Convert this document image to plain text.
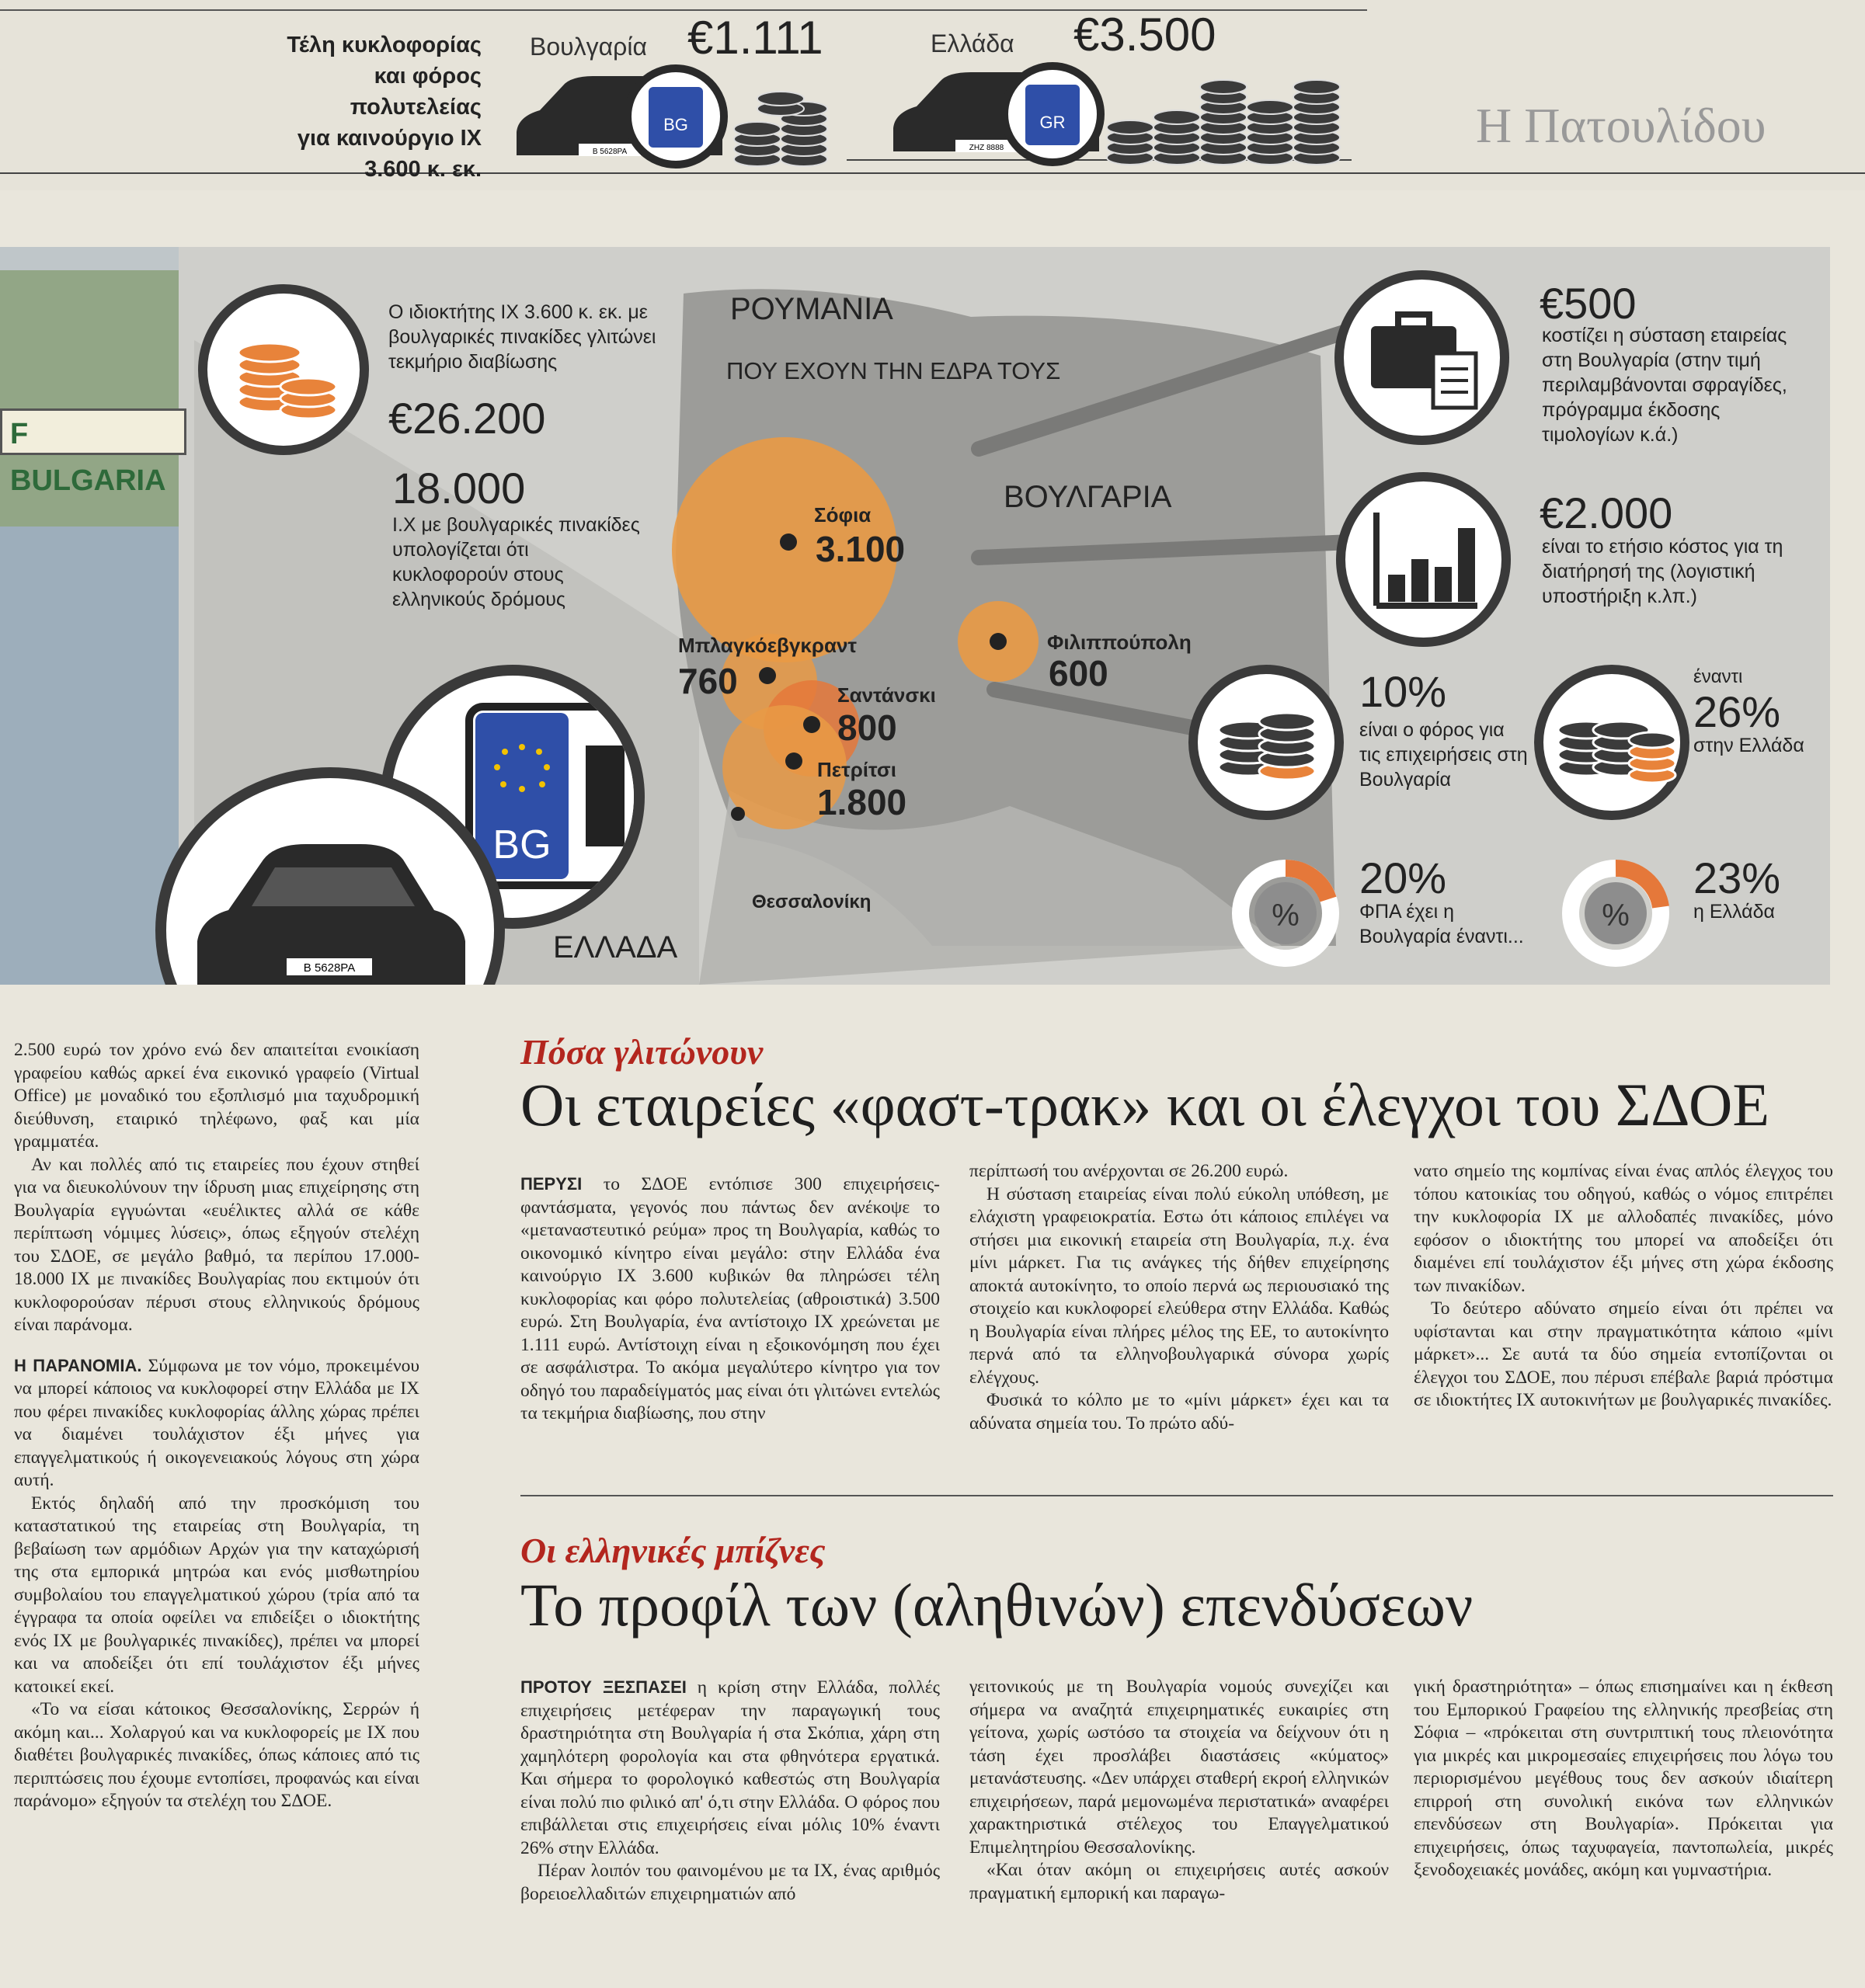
Τέλη κυκλοφορίας
και φόρος
πολυτελείας
για καινούργιο ΙΧ
3.600 κ. εκ.
Βουλγαρία €1.111
B 5628PA
BG
Ελλάδα €3.500
ΖΗΖ 8888
GR	Η Πατουλίδου
F BULGARIA
Ο ιδιοκτήτης ΙΧ 3.600 κ. εκ. με βουλγαρικές πινακίδες γλιτώνει τεκμήριο διαβίωσης
€26.200
18.000
Ι.Χ με βουλγαρικές πινακίδες υπολογίζεται ότι κυκλοφορούν στους ελληνικούς δρόμους
ΡΟΥΜΑΝΙΑ
ΠΟΥ ΕΧΟΥΝ ΤΗΝ ΕΔΡΑ ΤΟΥΣ
ΒΟΥΛΓΑΡΙΑ
ΕΛΛΑΔΑ
Σόφια
3.100
Μπλαγκόεβγκραντ
760	Σαντάνσκι
800
Πετρίτσι
1.800
Φιλιππούπολη
600
Θεσσαλονίκη
BG
B 5628PA
€500
κοστίζει η σύσταση εταιρείας στη Βουλγαρία (στην τιμή περιλαμβάνονται σφραγίδες, πρόγραμμα έκδοσης τιμολογίων κ.ά.)
€2.000
είναι το ετήσιο κόστος για τη διατήρησή της (λογιστική υποστήριξη κ.λπ.)
10%
είναι ο φόρος για τις επιχειρήσεις στη Βουλγαρία
έναντι
26%
στην Ελλάδα
%
20%
ΦΠΑ έχει η Βουλγαρία έναντι...
%
23%
η Ελλάδα
Πόσα γλιτώνουν
Οι εταιρείες «φαστ-τρακ» και οι έλεγχοι του ΣΔΟΕ

2.500 ευρώ τον χρόνο ενώ δεν απαιτείται ενοικίαση γραφείου καθώς αρκεί ένα εικονικό γραφείο (Virtual Office) με μοναδικό του εξοπλισμό μια ταχυδρομική διεύθυνση, εταιρικό τηλέφωνο, φαξ και μία γραμματέα.

Αν και πολλές από τις εταιρείες που έχουν στηθεί για να διευκολύνουν την ίδρυση μιας επιχείρησης στη Βουλγαρία εγγυώνται «ευέλικτες αλλά σε κάθε περίπτωση νόμιμες λύσεις», όπως εξηγούν στελέχη του ΣΔΟΕ, σε μεγάλο βαθμό, τα περίπου 17.000-18.000 ΙΧ με πινακίδες Βουλγαρίας που εκτιμούν ότι κυκλοφορούσαν πέρυσι στους ελληνικούς δρόμους είναι παράνομα.

Η ΠΑΡΑΝΟΜΙΑ. Σύμφωνα με τον νόμο, προκειμένου να μπορεί κάποιος να κυκλοφορεί στην Ελλάδα με ΙΧ που φέρει πινακίδες κυκλοφορίας άλλης χώρας πρέπει να διαμένει τουλάχιστον έξι μήνες για επαγγελματικούς ή οικογενειακούς λόγους στη χώρα αυτή.

Εκτός δηλαδή από την προσκόμιση του καταστατικού της εταιρείας στη Βουλγαρία, τη βεβαίωση των αρμόδιων Αρχών για την καταχώρισή της στα εμπορικά μητρώα και ενός μισθωτηρίου συμβολαίου του επαγγελματικού χώρου (τρία από τα έγγραφα τα οποία οφείλει να επιδείξει ο ιδιοκτήτης ενός ΙΧ με βουλγαρικές πινακίδες), πρέπει να μπορεί και να αποδείξει ότι επί τουλάχιστον έξι μήνες κατοικεί εκεί.

«Το να είσαι κάτοικος Θεσσαλονίκης, Σερρών ή ακόμη και... Χολαργού και να κυκλοφορείς με ΙΧ που διαθέτει βουλγαρικές πινακίδες, όπως κάποιες από τις περιπτώσεις που έχουμε εντοπίσει, προφανώς και είναι παράνομο» εξηγούν τα στελέχη του ΣΔΟΕ.

ΠΕΡΥΣΙ το ΣΔΟΕ εντόπισε 300 επιχειρήσεις-φαντάσματα, γεγονός που πάντως δεν ανέκοψε το «μεταναστευτικό ρεύμα» προς τη Βουλγαρία, καθώς το οικονομικό κίνητρο είναι μεγάλο: στην Ελλάδα ένα καινούργιο ΙΧ 3.600 κυβικών θα πληρώσει τέλη κυκλοφορίας και φόρο πολυτελείας (αθροιστικά) 3.500 ευρώ. Στη Βουλγαρία, ένα αντίστοιχο ΙΧ χρεώνεται με 1.111 ευρώ. Αντίστοιχη είναι η εξοικονόμηση που έχει σε ασφάλιστρα. Το ακόμα μεγαλύτερο κίνητρο για τον οδηγό του παραδείγματός μας είναι ότι γλιτώνει εντελώς τα τεκμήρια διαβίωσης, που στην

περίπτωσή του ανέρχονται σε 26.200 ευρώ.

Η σύσταση εταιρείας είναι πολύ εύκολη υπόθεση, με ελάχιστη γραφειοκρατία. Εστω ότι κάποιος επιλέγει να στήσει μια εικονική εταιρεία στη Βουλγαρία, π.χ. ένα μίνι μάρκετ. Για τις ανάγκες τής δήθεν επιχείρησης αποκτά αυτοκίνητο, το οποίο περνά ως περιουσιακό της στοιχείο και κυκλοφορεί ελεύθερα στην Ελλάδα. Καθώς η Βουλγαρία είναι πλήρες μέλος της ΕΕ, το αυτοκίνητο περνά από τα ελληνοβουλγαρικά σύνορα χωρίς ελέγχους.

Φυσικά το κόλπο με το «μίνι μάρκετ» έχει και τα αδύνατα σημεία του. Το πρώτο αδύ-

νατο σημείο της κομπίνας είναι ένας απλός έλεγχος του τόπου κατοικίας του οδηγού, καθώς ο νόμος επιτρέπει την κυκλοφορία ΙΧ με αλλοδαπές πινακίδες, μόνο εφόσον ο ιδιοκτήτης του μπορεί να αποδείξει ότι διαμένει επί τουλάχιστον έξι μήνες στη χώρα έκδοσης των πινακίδων.

Το δεύτερο αδύνατο σημείο είναι ότι πρέπει να υφίστανται και στην πραγματικότητα κάποιο «μίνι μάρκετ»... Σε αυτά τα δύο σημεία εντοπίζονται οι έλεγχοι του ΣΔΟΕ, που πέρυσι επέβαλε βαριά πρόστιμα σε ιδιοκτήτες ΙΧ αυτοκινήτων με βουλγαρικές πινακίδες.

Οι ελληνικές μπίζνες
Το προφίλ των (αληθινών) επενδύσεων

ΠΡΟΤΟΥ ΞΕΣΠΑΣΕΙ η κρίση στην Ελλάδα, πολλές επιχειρήσεις μετέφεραν την παραγωγική τους δραστηριότητα στη Βουλγαρία ή στα Σκόπια, χάρη στη χαμηλότερη φορολογία και στα φθηνότερα εργατικά. Και σήμερα το φορολογικό καθεστώς στη Βουλγαρία είναι πολύ πιο φιλικό απ' ό,τι στην Ελλάδα. Ο φόρος που επιβάλλεται στις επιχειρήσεις είναι μόλις 10% έναντι 26% στην Ελλάδα.

Πέραν λοιπόν του φαινομένου με τα ΙΧ, ένας αριθμός βορειοελλαδιτών επιχειρηματιών από

γειτονικούς με τη Βουλγαρία νομούς συνεχίζει και σήμερα να αναζητά επιχειρηματικές ευκαιρίες στη γείτονα, χωρίς ωστόσο τα στοιχεία να δείχνουν ότι η τάση έχει προσλάβει διαστάσεις «κύματος» μετανάστευσης. «Δεν υπάρχει σταθερή εκροή ελληνικών επιχειρήσεων, παρά μεμονωμένα περιστατικά» αναφέρει χαρακτηριστικά στέλεχος του Επαγγελματικού Επιμελητηρίου Θεσσαλονίκης.

«Και όταν ακόμη οι επιχειρήσεις αυτές ασκούν πραγματική εμπορική και παραγω-

γική δραστηριότητα» – όπως επισημαίνει και η έκθεση του Εμπορικού Γραφείου της ελληνικής πρεσβείας στη Σόφια – «πρόκειται στη συντριπτική τους πλειονότητα για μικρές και μικρομεσαίες επιχειρήσεις που λόγω του περιορισμένου μεγέθους τους δεν ασκούν ιδιαίτερη επιρροή στη συνολική εικόνα των ελληνικών επενδύσεων στη Βουλγαρία». Πρόκειται για επιχειρήσεις, όπως ταχυφαγεία, παντοπωλεία, μικρές ξενοδοχειακές μονάδες, ακόμη και γυμναστήρια.
